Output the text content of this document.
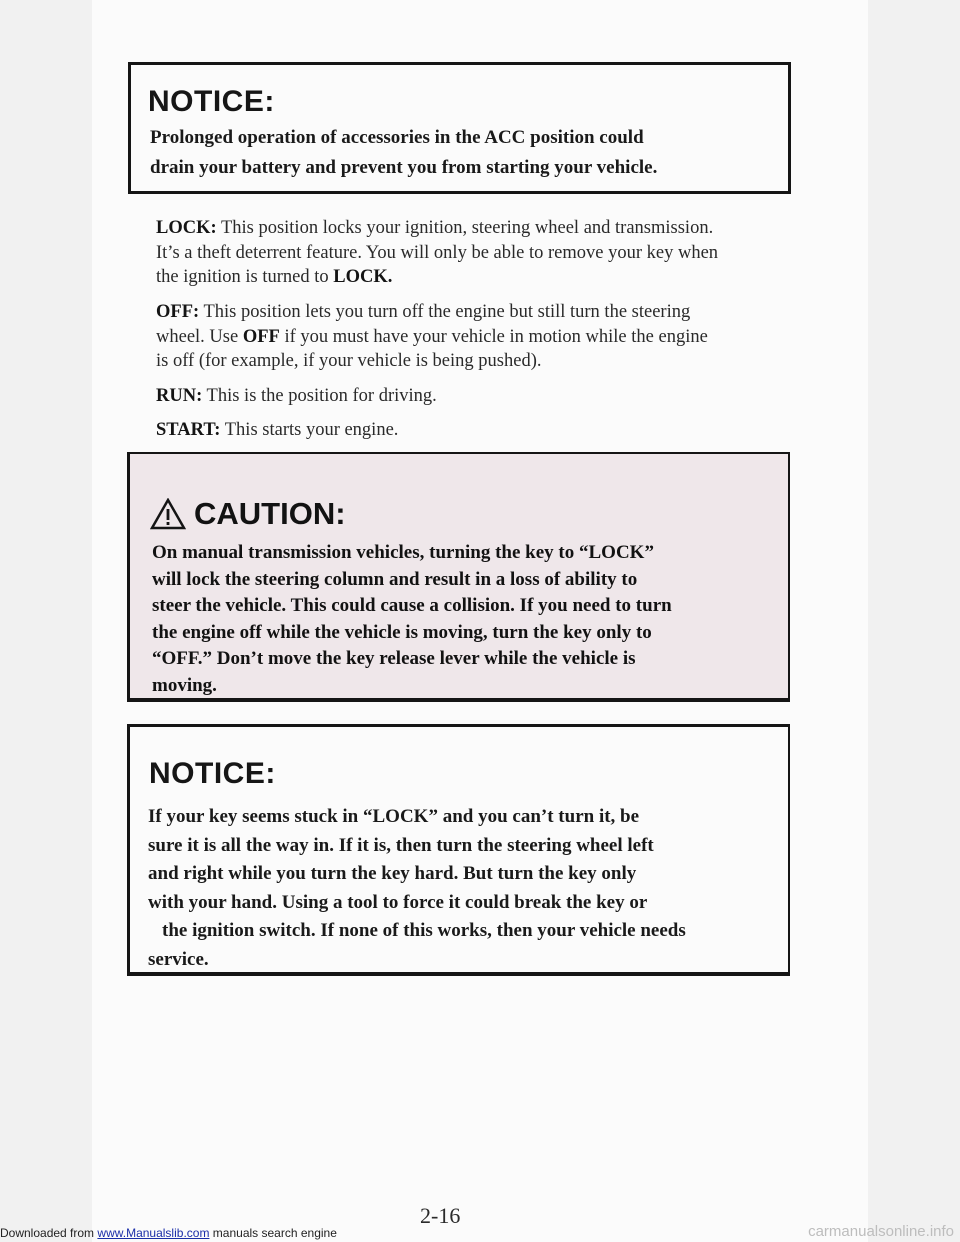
NOTICE:
Prolonged operation of accessories in the ACC position could
drain your battery and prevent you from starting your vehicle.
LOCK: This position locks your ignition, steering wheel and transmission.
It’s a theft deterrent feature. You will only be able to remove your key when
the ignition is turned to LOCK.
OFF: This position lets you turn off the engine but still turn the steering
wheel. Use OFF if you must have your vehicle in motion while the engine
is off (for example, if your vehicle is being pushed).
RUN: This is the position for driving.
START: This starts your engine.
CAUTION:
On manual transmission vehicles, turning the key to “LOCK”
will lock the steering column and result in a loss of ability to
steer the vehicle. This could cause a collision. If you need to turn
the engine off while the vehicle is moving, turn the key only to
“OFF.” Don’t move the key release lever while the vehicle is
moving.
NOTICE:
If your key seems stuck in “LOCK” and you can’t turn it, be
sure it is all the way in. If it is, then turn the steering wheel left
and right while you turn the key hard. But turn the key only
with your hand. Using a tool to force it could break the key or
the ignition switch. If none of this works, then your vehicle needs
service.
2-16
Downloaded from www.Manualslib.com manuals search engine	carmanualsonline.info
